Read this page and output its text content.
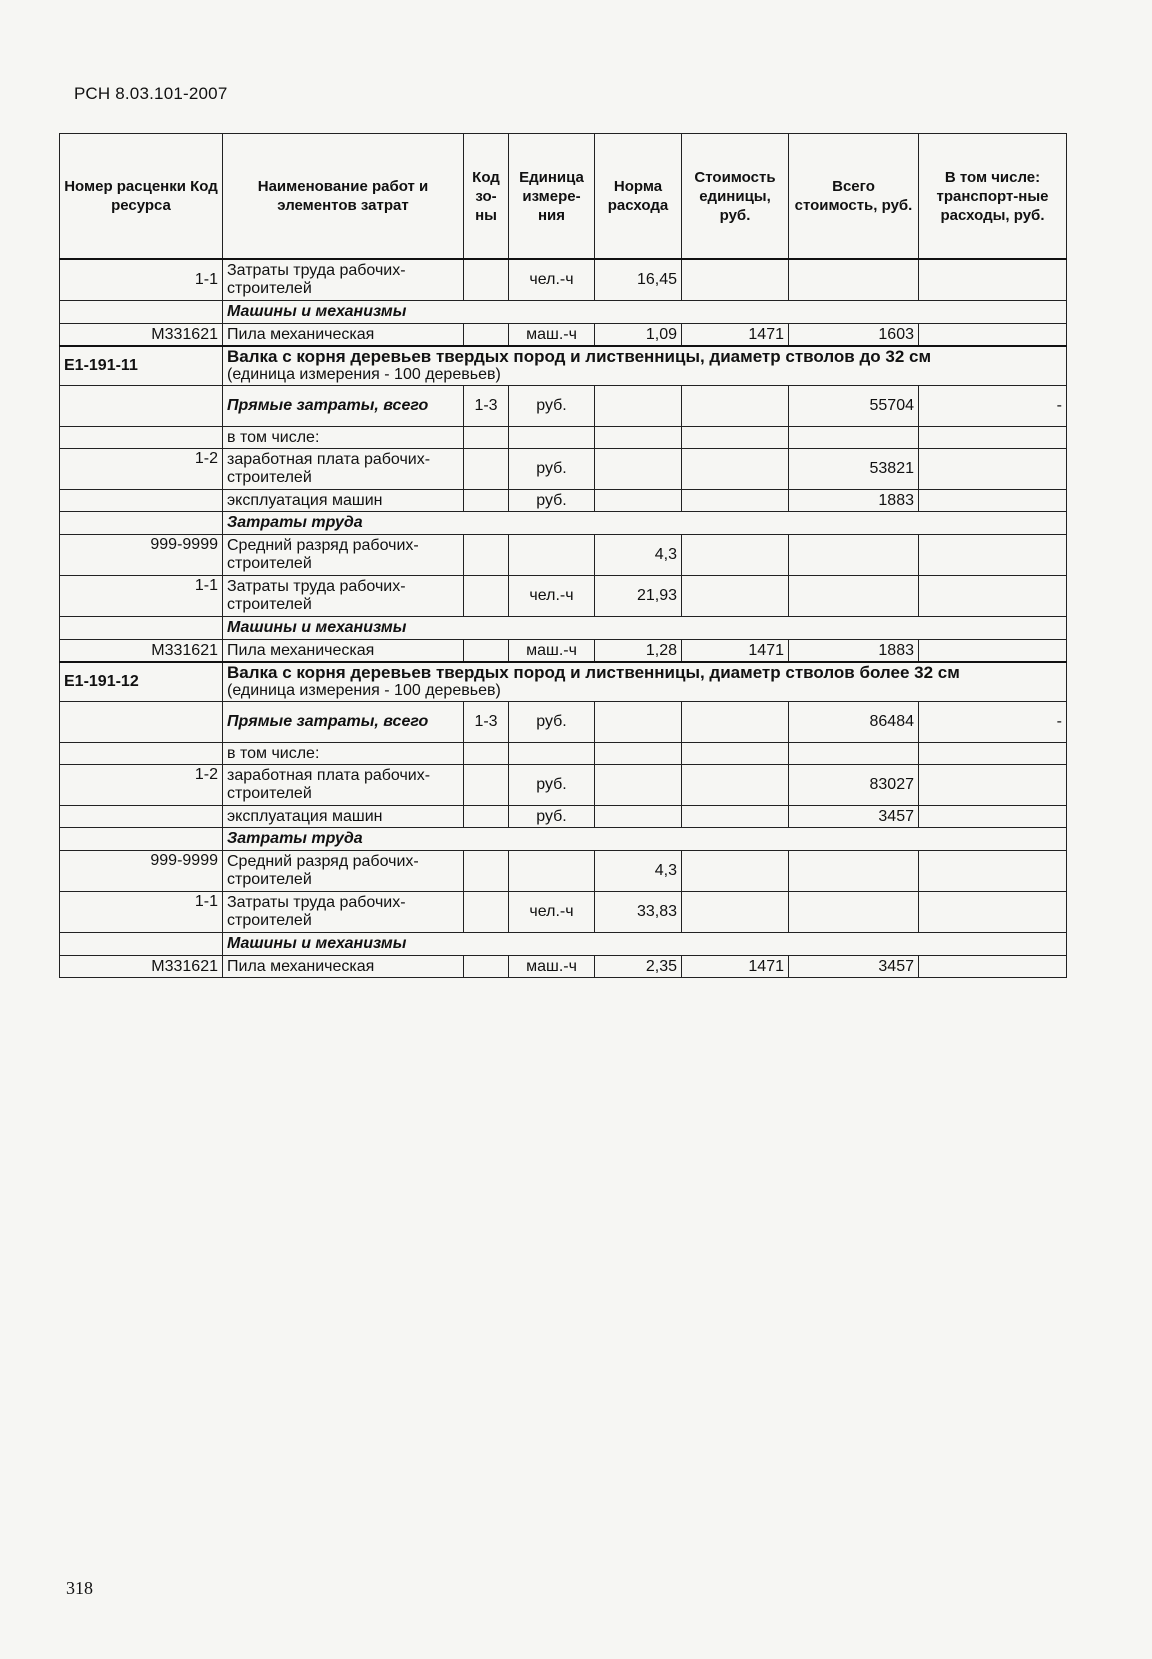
РСН 8.03.101-2007
Номер расценки Код ресурса	Наименование работ и элементов затрат	Код зо-ны	Единица измере-ния	Норма расхода	Стоимость единицы, руб.	Всего стоимость, руб.	В том числе: транспорт-ные расходы, руб.
1-1	Затраты труда рабочих-строителей		чел.-ч	16,45			
	Машины и механизмы						
М331621	Пила механическая		маш.-ч	1,09	1471	1603	
Е1-191-11	Валка с корня деревьев твердых пород и лиственницы, диаметр стволов до 32 см
(единица измерения - 100 деревьев)						

	Прямые затраты, всего	1-3	руб.			55704	-
	в том числе:						
1-2	заработная плата рабочих-строителей		руб.			53821	
	эксплуатация машин		руб.			1883	
	Затраты труда						
999-9999	Средний разряд рабочих-строителей			4,3			
1-1	Затраты труда рабочих-строителей		чел.-ч	21,93			
	Машины и механизмы						
М331621	Пила механическая		маш.-ч	1,28	1471	1883	
Е1-191-12	Валка с корня деревьев твердых пород и лиственницы, диаметр стволов более 32 см
(единица измерения - 100 деревьев)						

	Прямые затраты, всего	1-3	руб.			86484	-
	в том числе:						
1-2	заработная плата рабочих-строителей		руб.			83027	
	эксплуатация машин		руб.			3457	
	Затраты труда						
999-9999	Средний разряд рабочих-строителей			4,3			
1-1	Затраты труда рабочих-строителей		чел.-ч	33,83			
	Машины и механизмы						
М331621	Пила механическая		маш.-ч	2,35	1471	3457	
318
